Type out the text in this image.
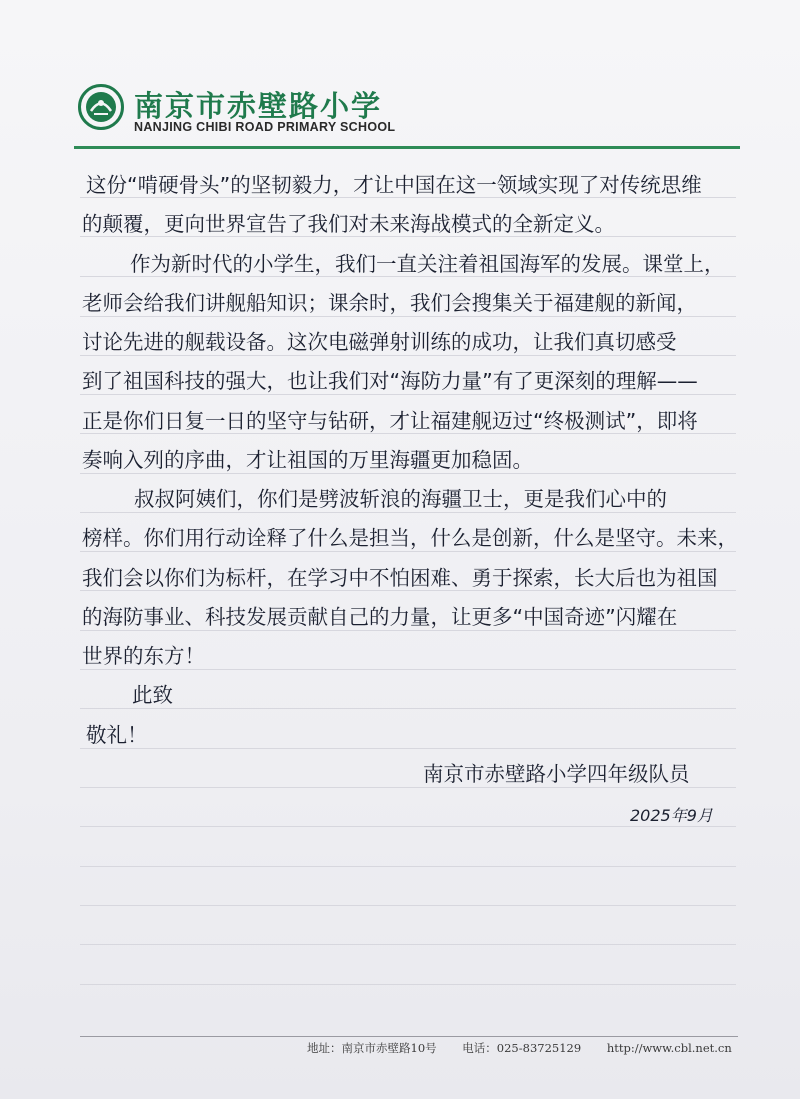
南京市赤壁路小学
NANJING CHIBI ROAD PRIMARY SCHOOL
这份“啃硬骨头”的坚韧毅力，才让中国在这一领域实现了对传统思维
的颠覆，更向世界宣告了我们对未来海战模式的全新定义。
作为新时代的小学生，我们一直关注着祖国海军的发展。课堂上，
老师会给我们讲舰船知识；课余时，我们会搜集关于福建舰的新闻，
讨论先进的舰载设备。这次电磁弹射训练的成功，让我们真切感受
到了祖国科技的强大，也让我们对“海防力量”有了更深刻的理解——
正是你们日复一日的坚守与钻研，才让福建舰迈过“终极测试”，即将
奏响入列的序曲，才让祖国的万里海疆更加稳固。
叔叔阿姨们，你们是劈波斩浪的海疆卫士，更是我们心中的
榜样。你们用行动诠释了什么是担当，什么是创新，什么是坚守。未来，
我们会以你们为标杆，在学习中不怕困难、勇于探索，长大后也为祖国
的海防事业、科技发展贡献自己的力量，让更多“中国奇迹”闪耀在
世界的东方！
此致
敬礼！
南京市赤壁路小学四年级队员
2025年9月
地址：南京市赤壁路10号 电话：025-83725129 http://www.cbl.net.cn
